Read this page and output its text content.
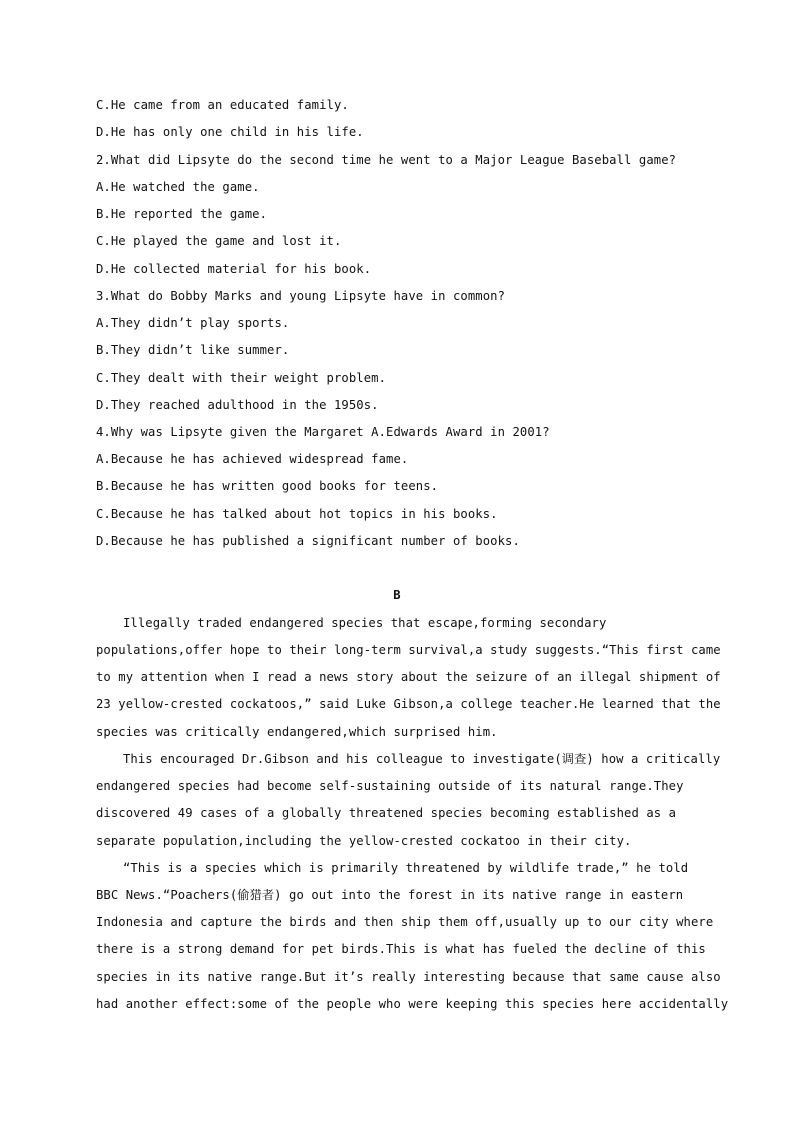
C.He came from an educated family.
D.He has only one child in his life.
2.What did Lipsyte do the second time he went to a Major League Baseball game?
A.He watched the game.
B.He reported the game.
C.He played the game and lost it.
D.He collected material for his book.
3.What do Bobby Marks and young Lipsyte have in common?
A.They didn’t play sports.
B.They didn’t like summer.
C.They dealt with their weight problem.
D.They reached adulthood in the 1950s.
4.Why was Lipsyte given the Margaret A.Edwards Award in 2001?
A.Because he has achieved widespread fame.
B.Because he has written good books for teens.
C.Because he has talked about hot topics in his books.
D.Because he has published a significant number of books.
B
Illegally traded endangered species that escape,forming secondary
populations,offer hope to their long-term survival,a study suggests.“This first came
to my attention when I read a news story about the seizure of an illegal shipment of
23 yellow-crested cockatoos,” said Luke Gibson,a college teacher.He learned that the
species was critically endangered,which surprised him.
This encouraged Dr.Gibson and his colleague to investigate(调查) how a critically
endangered species had become self-sustaining outside of its natural range.They
discovered 49 cases of a globally threatened species becoming established as a
separate population,including the yellow-crested cockatoo in their city.
“This is a species which is primarily threatened by wildlife trade,” he told
BBC News.“Poachers(偷猎者) go out into the forest in its native range in eastern
Indonesia and capture the birds and then ship them off,usually up to our city where
there is a strong demand for pet birds.This is what has fueled the decline of this
species in its native range.But it’s really interesting because that same cause also
had another effect:some of the people who were keeping this species here accidentally
